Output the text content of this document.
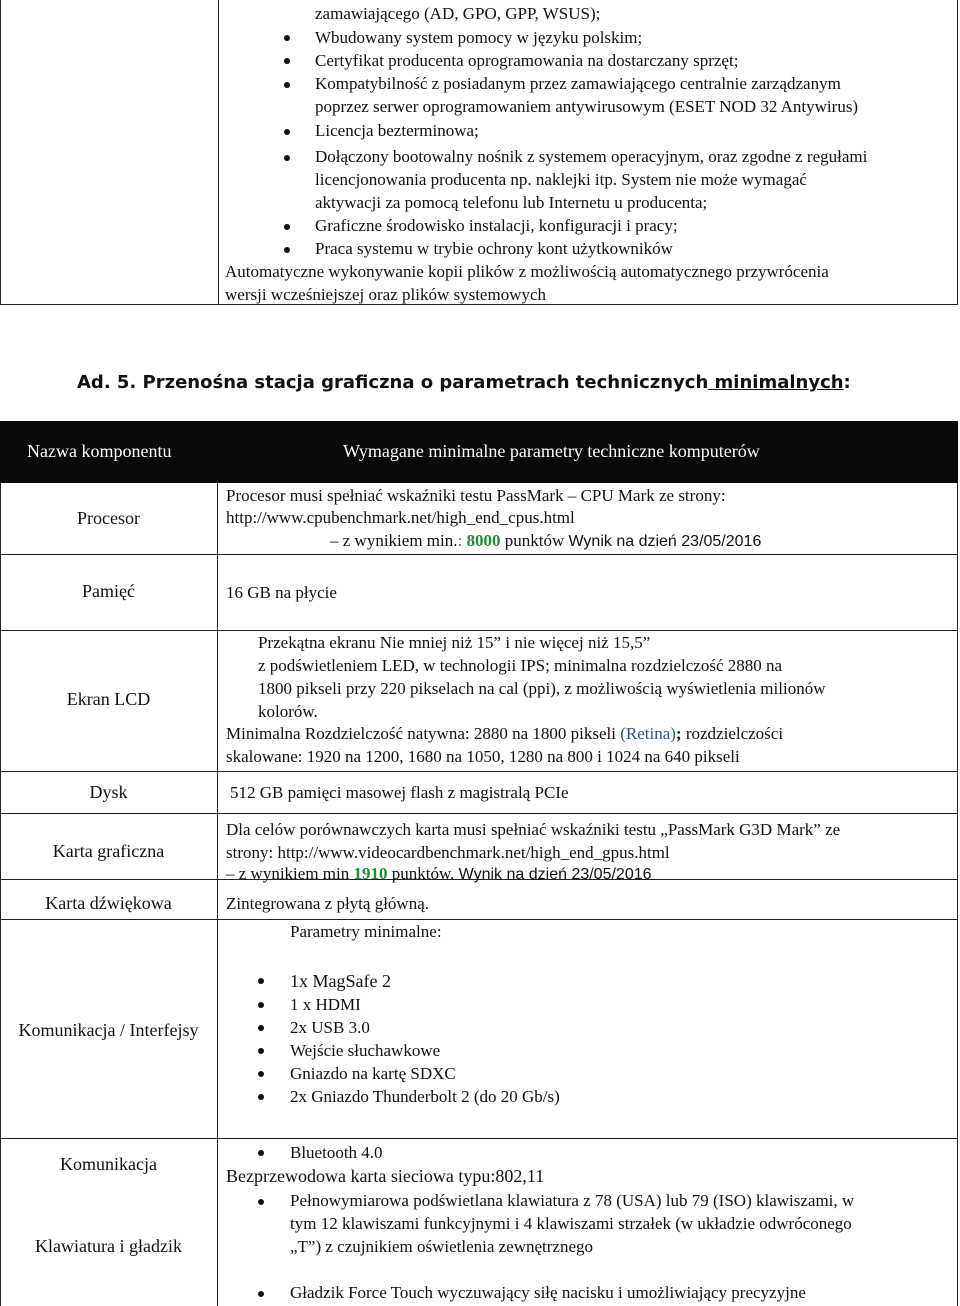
zamawiającego (AD, GPO, GPP, WSUS);
Wbudowany system pomocy w języku polskim;
Certyfikat producenta oprogramowania na dostarczany sprzęt;
Kompatybilność z posiadanym przez zamawiającego centralnie zarządzanym
poprzez serwer oprogramowaniem antywirusowym (ESET NOD 32 Antywirus)
Licencja bezterminowa;
Dołączony bootowalny nośnik z systemem operacyjnym, oraz zgodne z regułami
licencjonowania producenta np. naklejki itp. System nie może wymagać
aktywacji za pomocą telefonu lub Internetu u producenta;
Graficzne środowisko instalacji, konfiguracji i pracy;
Praca systemu w trybie ochrony kont użytkowników
Automatyczne wykonywanie kopii plików z możliwością automatycznego przywrócenia
wersji wcześniejszej oraz plików systemowych
Ad. 5. Przenośna stacja graficzna o parametrach technicznych minimalnych:
Nazwa komponentu	Wymagane minimalne parametry techniczne komputerów
Procesor
Pamięć
Ekran LCD
Dysk
Karta graficzna
Karta dźwiękowa
Komunikacja / Interfejsy
Komunikacja
Klawiatura i gładzik
Procesor musi spełniać wskaźniki testu PassMark – CPU Mark ze strony:
http://www.cpubenchmark.net/high_end_cpus.html
– z wynikiem min.: 8000 punktów Wynik na dzień 23/05/2016
16 GB na płycie
Przekątna ekranu Nie mniej niż 15” i nie więcej niż 15,5”
z podświetleniem LED, w technologii IPS; minimalna rozdzielczość 2880 na
1800 pikseli przy 220 pikselach na cal (ppi), z możliwością wyświetlenia milionów
kolorów.
Minimalna Rozdzielczość natywna: 2880 na 1800 pikseli (Retina); rozdzielczości
skalowane: 1920 na 1200, 1680 na 1050, 1280 na 800 i 1024 na 640 pikseli
512 GB pamięci masowej flash z magistralą PCIe
Dla celów porównawczych karta musi spełniać wskaźniki testu „PassMark G3D Mark” ze
strony: http://www.videocardbenchmark.net/high_end_gpus.html
– z wynikiem min 1910 punktów. Wynik na dzień 23/05/2016
Zintegrowana z płytą główną.
Parametry minimalne:
1x MagSafe 2
1 x HDMI
2x USB 3.0
Wejście słuchawkowe
Gniazdo na kartę SDXC
2x Gniazdo Thunderbolt 2 (do 20 Gb/s)
Bluetooth 4.0
Bezprzewodowa karta sieciowa typu:802,11
Pełnowymiarowa podświetlana klawiatura z 78 (USA) lub 79 (ISO) klawiszami, w
tym 12 klawiszami funkcyjnymi i 4 klawiszami strzałek (w układzie odwróconego
„T”) z czujnikiem oświetlenia zewnętrznego
Gładzik Force Touch wyczuwający siłę nacisku i umożliwiający precyzyjne
